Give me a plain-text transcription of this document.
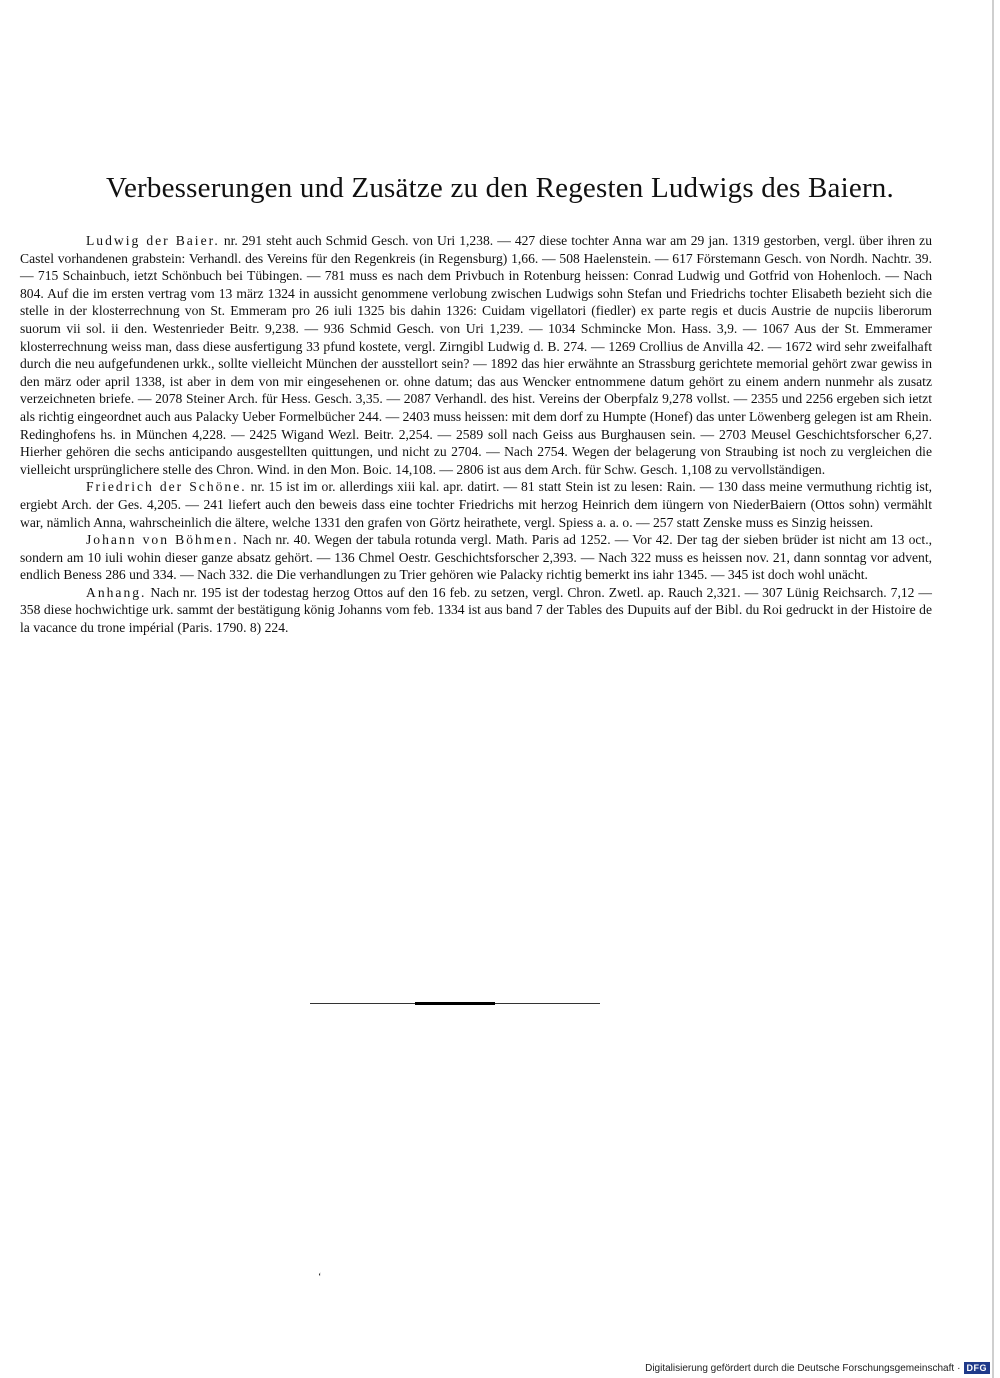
Verbesserungen und Zusätze zu den Regesten Ludwigs des Baiern.

Ludwig der Baier. nr. 291 steht auch Schmid Gesch. von Uri 1,238. — 427 diese tochter Anna war am 29 jan. 1319 gestorben, vergl. über ihren zu Castel vorhandenen grabstein: Verhandl. des Vereins für den Regenkreis (in Regensburg) 1,66. — 508 Haelenstein. — 617 Förstemann Gesch. von Nordh. Nachtr. 39. — 715 Schainbuch, ietzt Schönbuch bei Tübingen. — 781 muss es nach dem Privbuch in Rotenburg heissen: Conrad Ludwig und Gotfrid von Hohenloch. — Nach 804. Auf die im ersten vertrag vom 13 märz 1324 in aussicht genommene verlobung zwischen Ludwigs sohn Stefan und Friedrichs tochter Elisabeth bezieht sich die stelle in der klosterrechnung von St. Emmeram pro 26 iuli 1325 bis dahin 1326: Cuidam vigellatori (fiedler) ex parte regis et ducis Austrie de nupciis liberorum suorum vii sol. ii den. Westenrieder Beitr. 9,238. — 936 Schmid Gesch. von Uri 1,239. — 1034 Schmincke Mon. Hass. 3,9. — 1067 Aus der St. Emmeramer klosterrechnung weiss man, dass diese ausfertigung 33 pfund kostete, vergl. Zirngibl Ludwig d. B. 274. — 1269 Crollius de Anvilla 42. — 1672 wird sehr zweifalhaft durch die neu aufgefundenen urkk., sollte vielleicht München der ausstellort sein? — 1892 das hier erwähnte an Strassburg gerichtete memorial gehört zwar gewiss in den märz oder april 1338, ist aber in dem von mir eingesehenen or. ohne datum; das aus Wencker entnommene datum gehört zu einem andern nunmehr als zusatz verzeichneten briefe. — 2078 Steiner Arch. für Hess. Gesch. 3,35. — 2087 Verhandl. des hist. Vereins der Oberpfalz 9,278 vollst. — 2355 und 2256 ergeben sich ietzt als richtig eingeordnet auch aus Palacky Ueber Formelbücher 244. — 2403 muss heissen: mit dem dorf zu Humpte (Honef) das unter Löwenberg gelegen ist am Rhein. Redinghofens hs. in München 4,228. — 2425 Wigand Wezl. Beitr. 2,254. — 2589 soll nach Geiss aus Burghausen sein. — 2703 Meusel Geschichtsforscher 6,27. Hierher gehören die sechs anticipando ausgestellten quittungen, und nicht zu 2704. — Nach 2754. Wegen der belagerung von Straubing ist noch zu vergleichen die vielleicht ursprünglichere stelle des Chron. Wind. in den Mon. Boic. 14,108. — 2806 ist aus dem Arch. für Schw. Gesch. 1,108 zu vervollständigen.

Friedrich der Schöne. nr. 15 ist im or. allerdings xiii kal. apr. datirt. — 81 statt Stein ist zu lesen: Rain. — 130 dass meine vermuthung richtig ist, ergiebt Arch. der Ges. 4,205. — 241 liefert auch den beweis dass eine tochter Friedrichs mit herzog Heinrich dem iüngern von NiederBaiern (Ottos sohn) vermählt war, nämlich Anna, wahrscheinlich die ältere, welche 1331 den grafen von Görtz heirathete, vergl. Spiess a. a. o. — 257 statt Zenske muss es Sinzig heissen.

Johann von Böhmen. Nach nr. 40. Wegen der tabula rotunda vergl. Math. Paris ad 1252. — Vor 42. Der tag der sieben brüder ist nicht am 13 oct., sondern am 10 iuli wohin dieser ganze absatz gehört. — 136 Chmel Oestr. Geschichtsforscher 2,393. — Nach 322 muss es heissen nov. 21, dann sonntag vor advent, endlich Beness 286 und 334. — Nach 332. die Die verhandlungen zu Trier gehören wie Palacky richtig bemerkt ins iahr 1345. — 345 ist doch wohl unächt.

Anhang. Nach nr. 195 ist der todestag herzog Ottos auf den 16 feb. zu setzen, vergl. Chron. Zwetl. ap. Rauch 2,321. — 307 Lünig Reichsarch. 7,12 — 358 diese hochwichtige urk. sammt der bestätigung könig Johanns vom feb. 1334 ist aus band 7 der Tables des Dupuits auf der Bibl. du Roi gedruckt in der Histoire de la vacance du trone impérial (Paris. 1790. 8) 224.

‘
Digitalisierung gefördert durch die Deutsche Forschungsgemeinschaft · DFG
